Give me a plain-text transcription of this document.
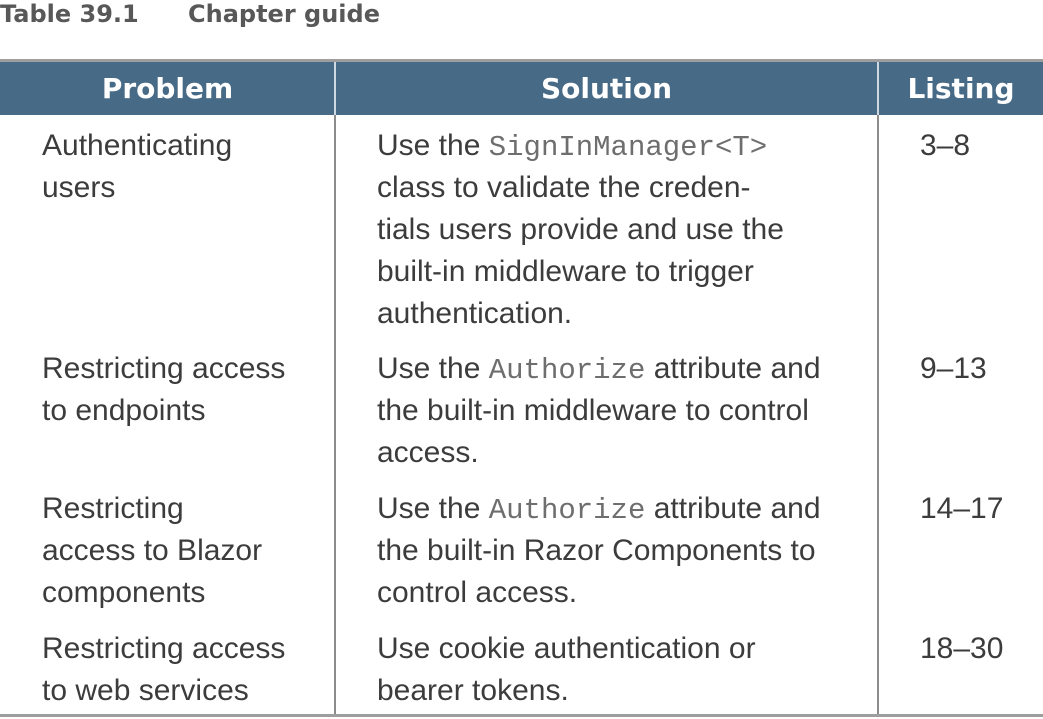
Table 39.1 Chapter guide
Problem	Solution	Listing
Authenticating
users
Use the SignInManager<T>
class to validate the creden-
tials users provide and use the
built-in middleware to trigger
authentication.
3–8
Restricting access
to endpoints
Use the Authorize attribute and
the built-in middleware to control
access.
9–13
Restricting
access to Blazor
components
Use the Authorize attribute and
the built-in Razor Components to
control access.
14–17
Restricting access
to web services
Use cookie authentication or
bearer tokens.
18–30
